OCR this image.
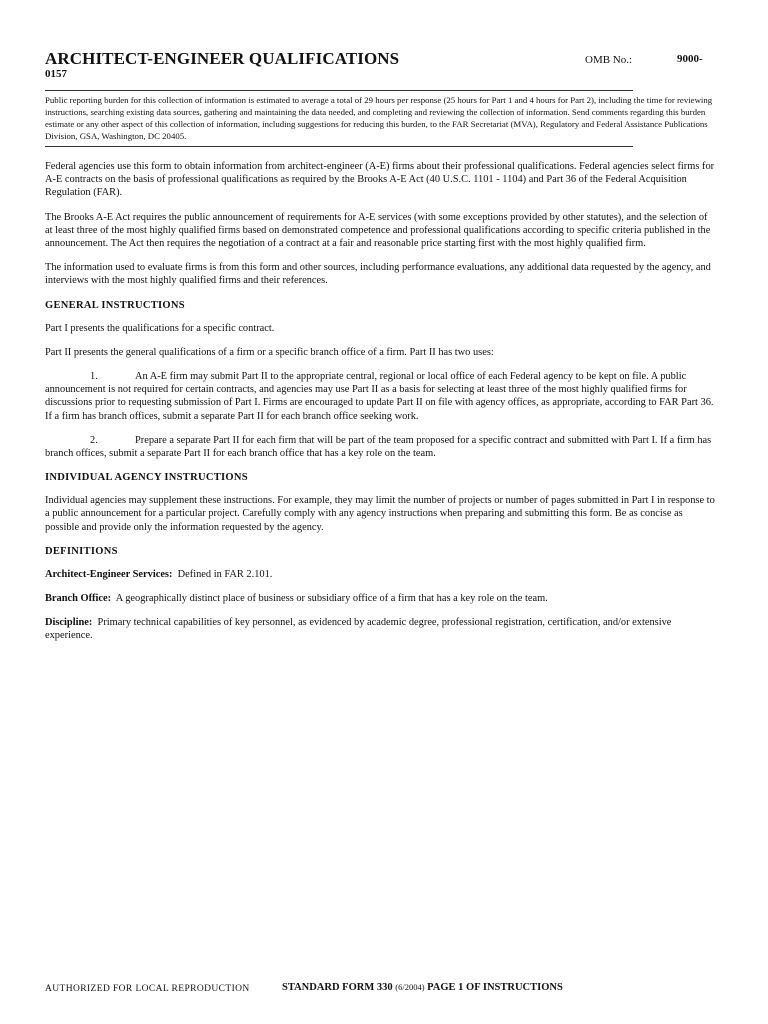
ARCHITECT-ENGINEER QUALIFICATIONS	OMB No.:	9000-
0157

Public reporting burden for this collection of information is estimated to average a total of 29 hours per response (25 hours for Part 1 and 4 hours for Part 2), including the time for reviewing instructions, searching existing data sources, gathering and maintaining the data needed, and completing and reviewing the collection of information. Send comments regarding this burden estimate or any other aspect of this collection of information, including suggestions for reducing this burden, to the FAR Secretariat (MVA), Regulatory and Federal Assistance Publications Division, GSA, Washington, DC 20405.

Federal agencies use this form to obtain information from architect-engineer (A-E) firms about their professional qualifications. Federal agencies select firms for A-E contracts on the basis of professional qualifications as required by the Brooks A-E Act (40 U.S.C. 1101 - 1104) and Part 36 of the Federal Acquisition Regulation (FAR).

The Brooks A-E Act requires the public announcement of requirements for A-E services (with some exceptions provided by other statutes), and the selection of at least three of the most highly qualified firms based on demonstrated competence and professional qualifications according to specific criteria published in the announcement. The Act then requires the negotiation of a contract at a fair and reasonable price starting first with the most highly qualified firm.

The information used to evaluate firms is from this form and other sources, including performance evaluations, any additional data requested by the agency, and interviews with the most highly qualified firms and their references.

GENERAL INSTRUCTIONS

Part I presents the qualifications for a specific contract.

Part II presents the general qualifications of a firm or a specific branch office of a firm. Part II has two uses:

1.	An A-E firm may submit Part II to the appropriate central, regional or local office of each Federal agency to be kept on file. A public announcement is not required for certain contracts, and agencies may use Part II as a basis for selecting at least three of the most highly qualified firms for discussions prior to requesting submission of Part I. Firms are encouraged to update Part II on file with agency offices, as appropriate, according to FAR Part 36. If a firm has branch offices, submit a separate Part II for each branch office seeking work.

2.	Prepare a separate Part II for each firm that will be part of the team proposed for a specific contract and submitted with Part I. If a firm has branch offices, submit a separate Part II for each branch office that has a key role on the team.

INDIVIDUAL AGENCY INSTRUCTIONS

Individual agencies may supplement these instructions. For example, they may limit the number of projects or number of pages submitted in Part I in response to a public announcement for a particular project. Carefully comply with any agency instructions when preparing and submitting this form. Be as concise as possible and provide only the information requested by the agency.

DEFINITIONS

Architect-Engineer Services: Defined in FAR 2.101.

Branch Office: A geographically distinct place of business or subsidiary office of a firm that has a key role on the team.

Discipline: Primary technical capabilities of key personnel, as evidenced by academic degree, professional registration, certification, and/or extensive experience.

AUTHORIZED FOR LOCAL REPRODUCTION	STANDARD FORM 330 (6/2004) PAGE 1 OF INSTRUCTIONS
